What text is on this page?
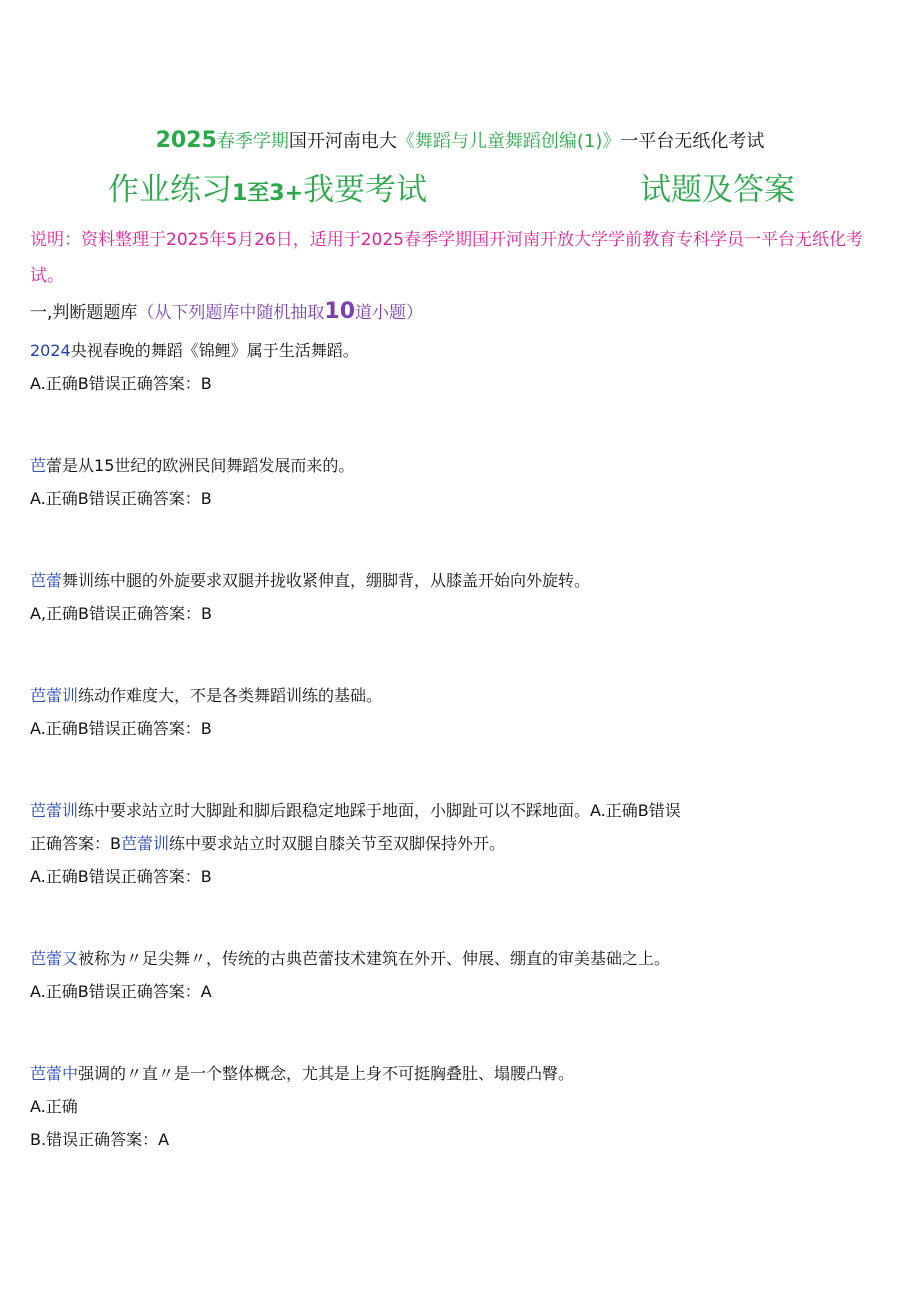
2025春季学期国开河南电大《舞蹈与儿童舞蹈创编(1)》一平台无纸化考试
作业练习1至3+我要考试	试题及答案
说明：资料整理于2025年5月26日，适用于2025春季学期国开河南开放大学学前教育专科学员一平台无纸化考试。
一,判断题题库（从下列题库中随机抽取10道小题）
2024央视春晚的舞蹈《锦鲤》属于生活舞蹈。
A.正确B错误正确答案：B
芭蕾是从15世纪的欧洲民间舞蹈发展而来的。
A.正确B错误正确答案：B
芭蕾舞训练中腿的外旋要求双腿并拢收紧伸直，绷脚背，从膝盖开始向外旋转。
A,正确B错误正确答案：B
芭蕾训练动作难度大，不是各类舞蹈训练的基础。
A.正确B错误正确答案：B
芭蕾训练中要求站立时大脚趾和脚后跟稳定地踩于地面，小脚趾可以不踩地面。A.正确B错误
正确答案：B芭蕾训练中要求站立时双腿自膝关节至双脚保持外开。
A.正确B错误正确答案：B
芭蕾又被称为〃足尖舞〃，传统的古典芭蕾技术建筑在外开、伸展、绷直的审美基础之上。
A.正确B错误正确答案：A
芭蕾中强调的〃直〃是一个整体概念，尤其是上身不可挺胸叠肚、塌腰凸臀。
A.正确
B.错误正确答案：A
